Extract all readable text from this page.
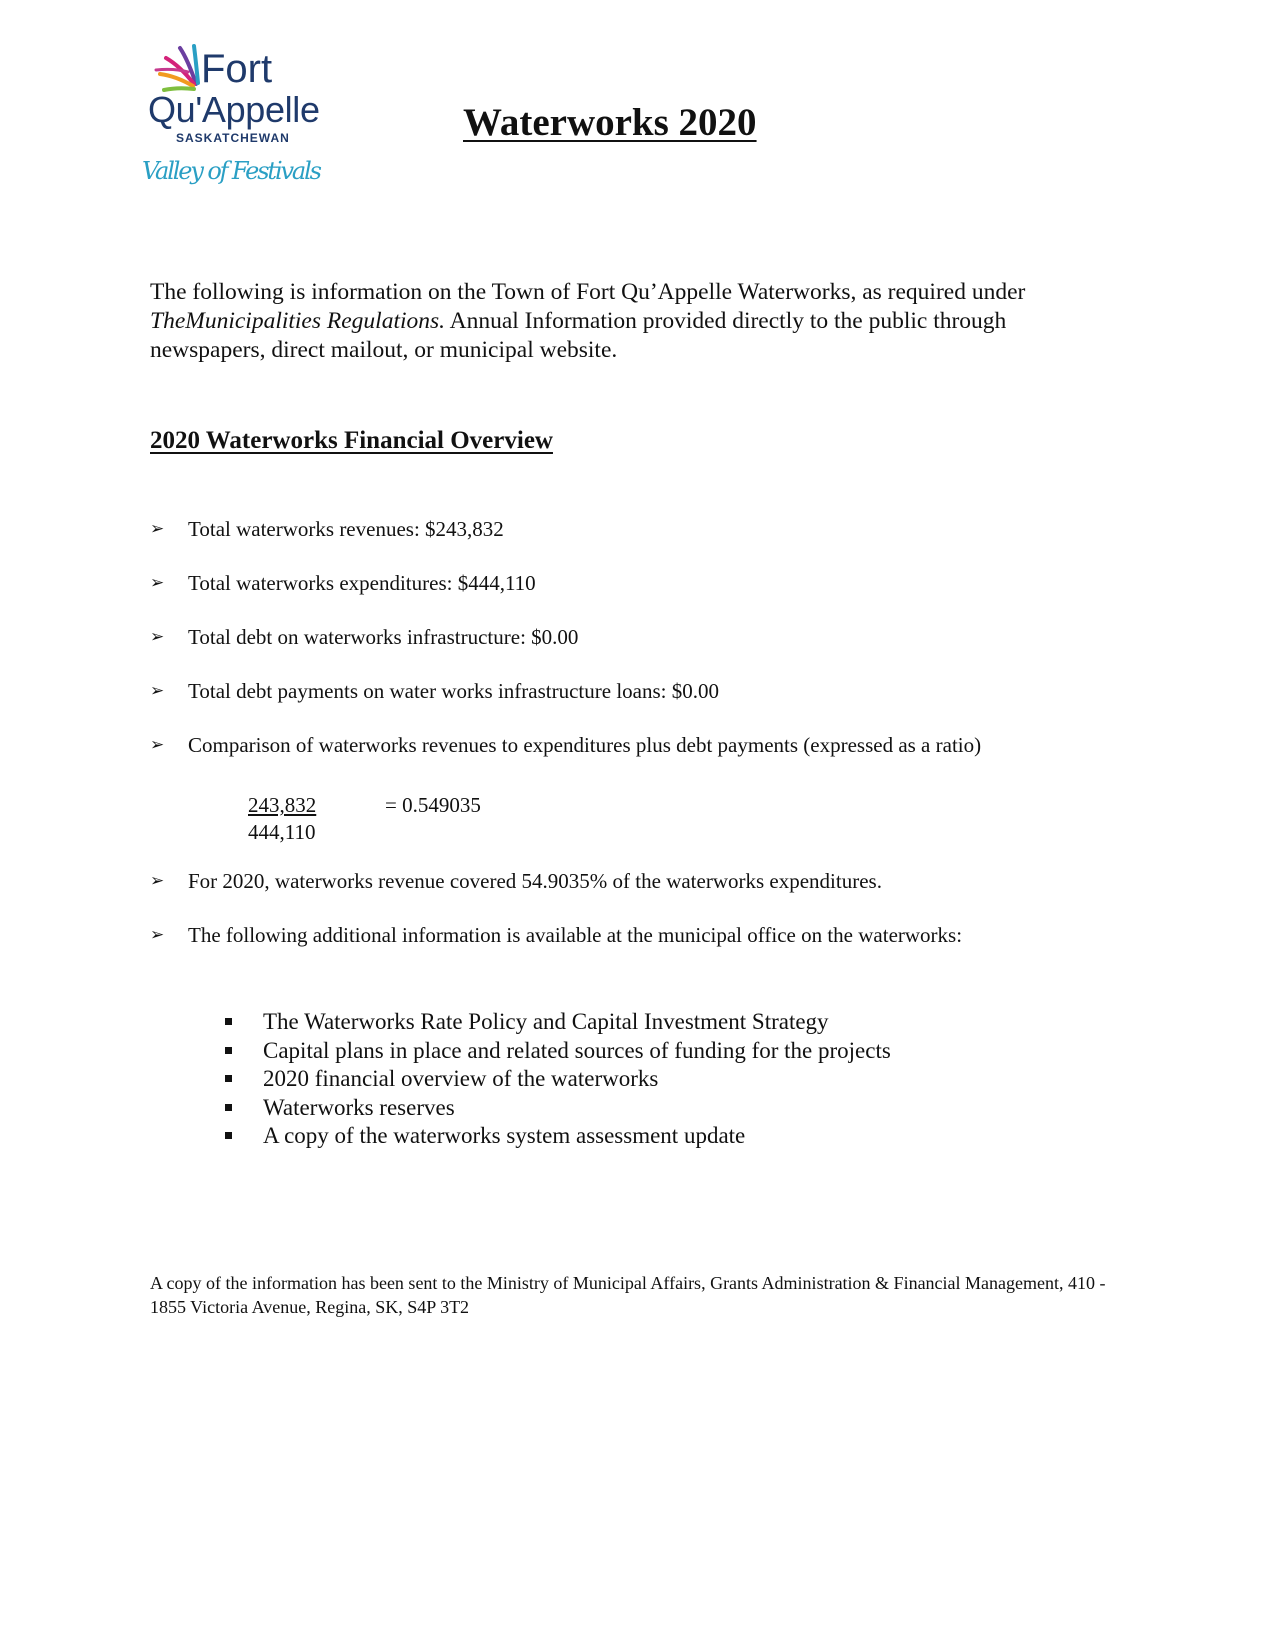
Fort
Qu'Appelle
SASKATCHEWAN
Valley of Festivals
Waterworks 2020

The following is information on the Town of Fort Qu’Appelle Waterworks, as required under TheMunicipalities Regulations. Annual Information provided directly to the public through newspapers, direct mailout, or municipal website.

2020 Waterworks Financial Overview
➢ Total waterworks revenues: $243,832
➢ Total waterworks expenditures: $444,110
➢ Total debt on waterworks infrastructure: $0.00
➢ Total debt payments on water works infrastructure loans: $0.00
➢ Comparison of waterworks revenues to expenditures plus debt payments (expressed as a ratio)
➢ For 2020, waterworks revenue covered 54.9035% of the waterworks expenditures.
➢ The following additional information is available at the municipal office on the waterworks:
$\frac{243,832}{444,110}$	= 0.549035
The Waterworks Rate Policy and Capital Investment Strategy
Capital plans in place and related sources of funding for the projects
2020 financial overview of the waterworks
Waterworks reserves
A copy of the waterworks system assessment update

A copy of the information has been sent to the Ministry of Municipal Affairs, Grants Administration & Financial Management, 410 - 1855 Victoria Avenue, Regina, SK, S4P 3T2
